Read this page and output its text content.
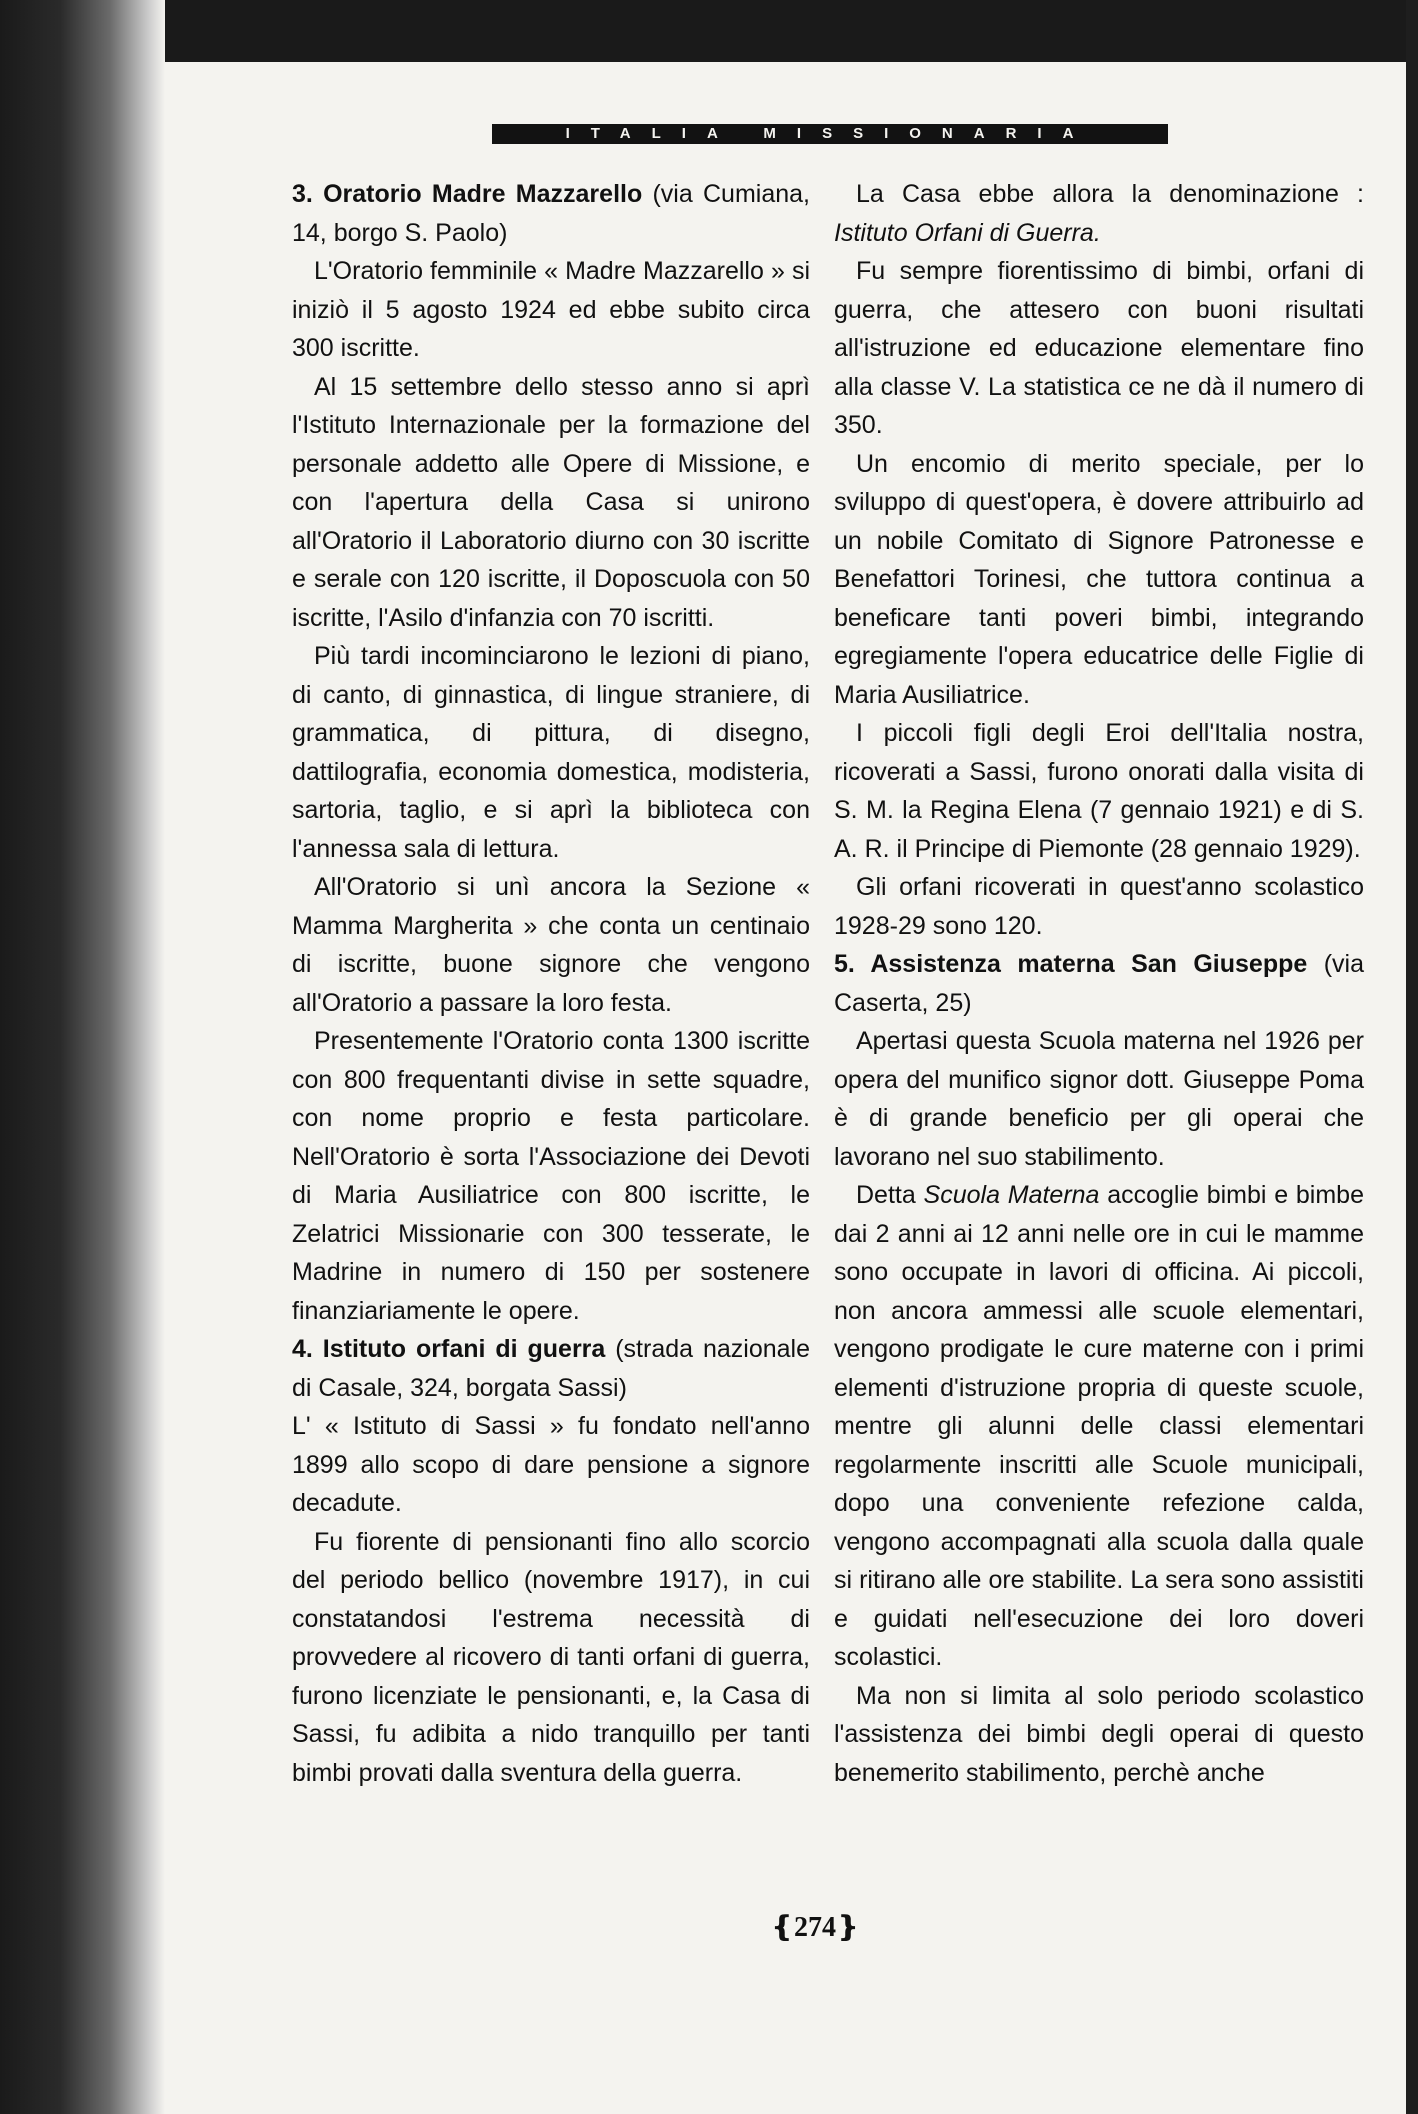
ITALIA MISSIONARIA

3. Oratorio Madre Mazzarello (via Cumiana, 14, borgo S. Paolo)

L'Oratorio femminile « Madre Mazzarello » si iniziò il 5 agosto 1924 ed ebbe subito circa 300 iscritte.

Al 15 settembre dello stesso anno si aprì l'Istituto Internazionale per la formazione del personale addetto alle Opere di Missione, e con l'apertura della Casa si unirono all'Oratorio il Laboratorio diurno con 30 iscritte e serale con 120 iscritte, il Doposcuola con 50 iscritte, l'Asilo d'infanzia con 70 iscritti.

Più tardi incominciarono le lezioni di piano, di canto, di ginnastica, di lingue straniere, di grammatica, di pittura, di disegno, dattilografia, economia domestica, modisteria, sartoria, taglio, e si aprì la biblioteca con l'annessa sala di lettura.

All'Oratorio si unì ancora la Sezione « Mamma Margherita » che conta un centinaio di iscritte, buone signore che vengono all'Oratorio a passare la loro festa.

Presentemente l'Oratorio conta 1300 iscritte con 800 frequentanti divise in sette squadre, con nome proprio e festa particolare. Nell'Oratorio è sorta l'Associazione dei Devoti di Maria Ausiliatrice con 800 iscritte, le Zelatrici Missionarie con 300 tesserate, le Madrine in numero di 150 per sostenere finanziariamente le opere.

4. Istituto orfani di guerra (strada nazionale di Casale, 324, borgata Sassi)

L' « Istituto di Sassi » fu fondato nell'anno 1899 allo scopo di dare pensione a signore decadute.

Fu fiorente di pensionanti fino allo scorcio del periodo bellico (novembre 1917), in cui constatandosi l'estrema necessità di provvedere al ricovero di tanti orfani di guerra, furono licenziate le pensionanti, e, la Casa di Sassi, fu adibita a nido tranquillo per tanti bimbi provati dalla sventura della guerra.

La Casa ebbe allora la denominazione : Istituto Orfani di Guerra.

Fu sempre fiorentissimo di bimbi, orfani di guerra, che attesero con buoni risultati all'istruzione ed educazione elementare fino alla classe V. La statistica ce ne dà il numero di 350.

Un encomio di merito speciale, per lo sviluppo di quest'opera, è dovere attribuirlo ad un nobile Comitato di Signore Patronesse e Benefattori Torinesi, che tuttora continua a beneficare tanti poveri bimbi, integrando egregiamente l'opera educatrice delle Figlie di Maria Ausiliatrice.

I piccoli figli degli Eroi dell'Italia nostra, ricoverati a Sassi, furono onorati dalla visita di S. M. la Regina Elena (7 gennaio 1921) e di S. A. R. il Principe di Piemonte (28 gennaio 1929).

Gli orfani ricoverati in quest'anno scolastico 1928-29 sono 120.

5. Assistenza materna San Giuseppe (via Caserta, 25)

Apertasi questa Scuola materna nel 1926 per opera del munifico signor dott. Giuseppe Poma è di grande beneficio per gli operai che lavorano nel suo stabilimento.

Detta Scuola Materna accoglie bimbi e bimbe dai 2 anni ai 12 anni nelle ore in cui le mamme sono occupate in lavori di officina. Ai piccoli, non ancora ammessi alle scuole elementari, vengono prodigate le cure materne con i primi elementi d'istruzione propria di queste scuole, mentre gli alunni delle classi elementari regolarmente inscritti alle Scuole municipali, dopo una conveniente refezione calda, vengono accompagnati alla scuola dalla quale si ritirano alle ore stabilite. La sera sono assistiti e guidati nell'esecuzione dei loro doveri scolastici.

Ma non si limita al solo periodo scolastico l'assistenza dei bimbi degli operai di questo benemerito stabilimento, perchè anche

❴274❵
